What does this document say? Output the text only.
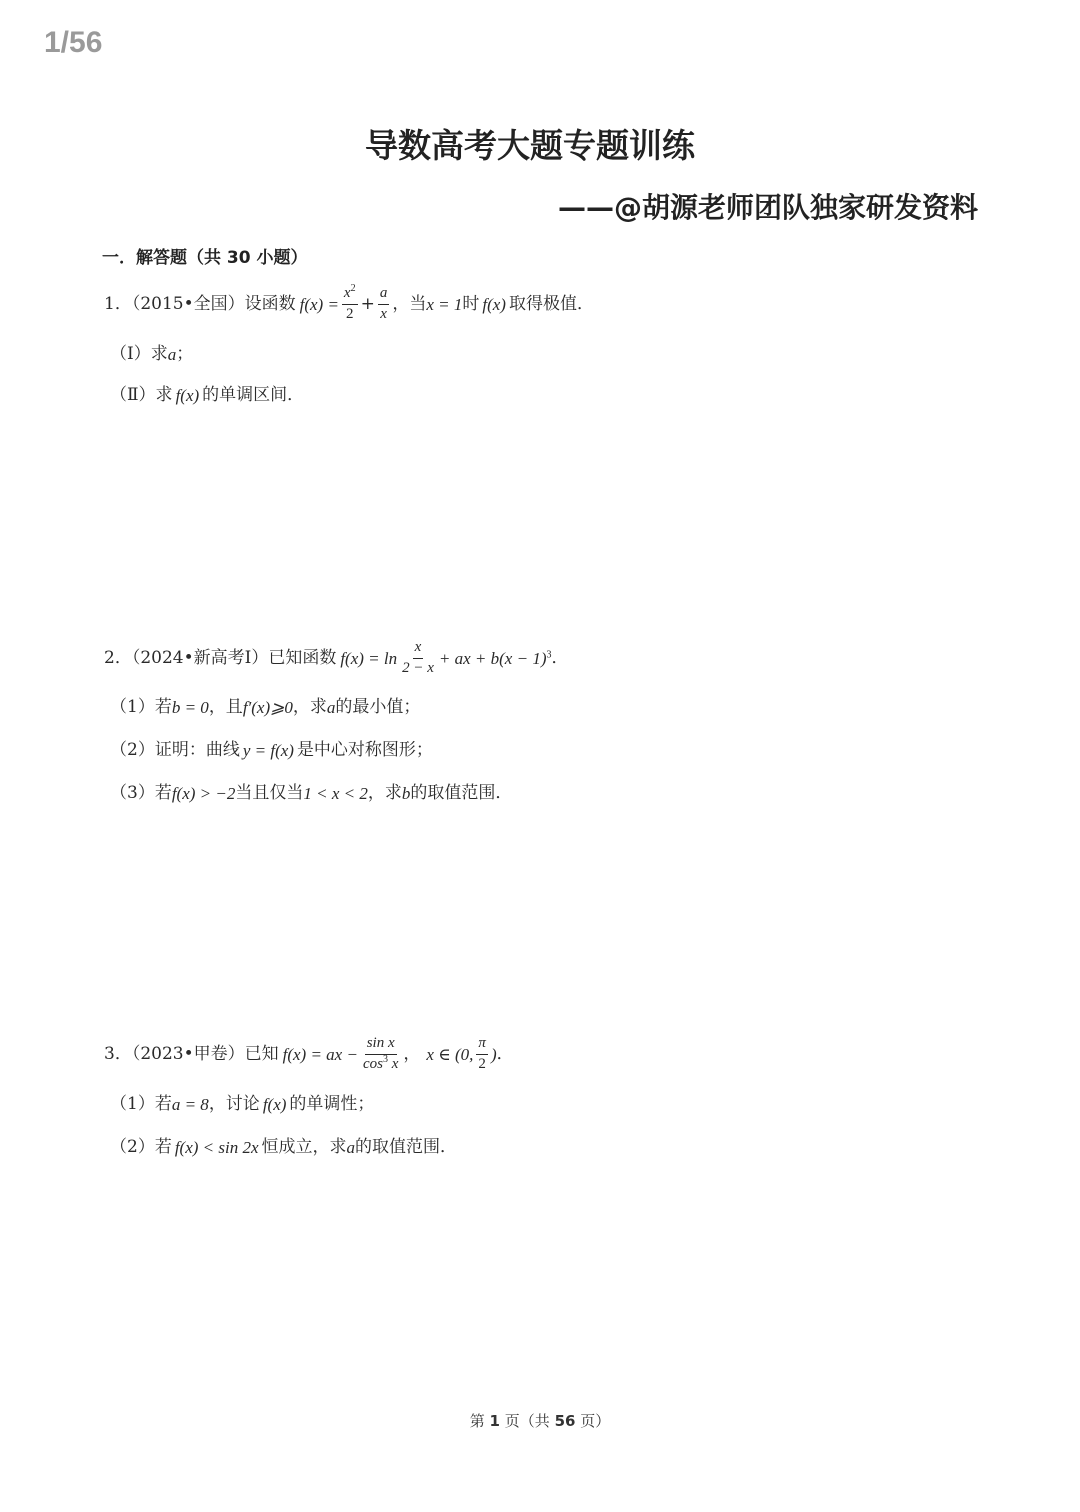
1/56
导数高考大题专题训练
——@胡源老师团队独家研发资料
一．解答题（共 30 小题）
1．（2015•全国）设函数 $f(x) = \frac{x^2}{2} + \frac{a}{x}$ ，当 x = 1 时 f(x) 取得极值．
（Ⅰ）求 a ；
（Ⅱ）求 f(x) 的单调区间．
2．（2024•新高考Ⅰ）已知函数 $f(x) = \ln \frac{x}{2 - x}$ + ax + $b(x - 1)^3$ ．
（1）若 b = 0 ，且 f′(x)⩾0 ，求 a 的最小值；
（2）证明：曲线 y = f(x) 是中心对称图形；
（3）若 f(x) > −2 当且仅当 1 < x < 2 ，求 b 的取值范围．
3．（2023•甲卷）已知 f(x) = ax − $\frac{\text{sin x}}{\cos^3 x}$ ， x ∈ (0, $\frac{\pi}{2}$ ) ．
（1）若 a = 8 ，讨论 f(x) 的单调性；
（2）若 f(x) < sin 2x 恒成立，求 a 的取值范围．
第 1 页（共 56 页）
